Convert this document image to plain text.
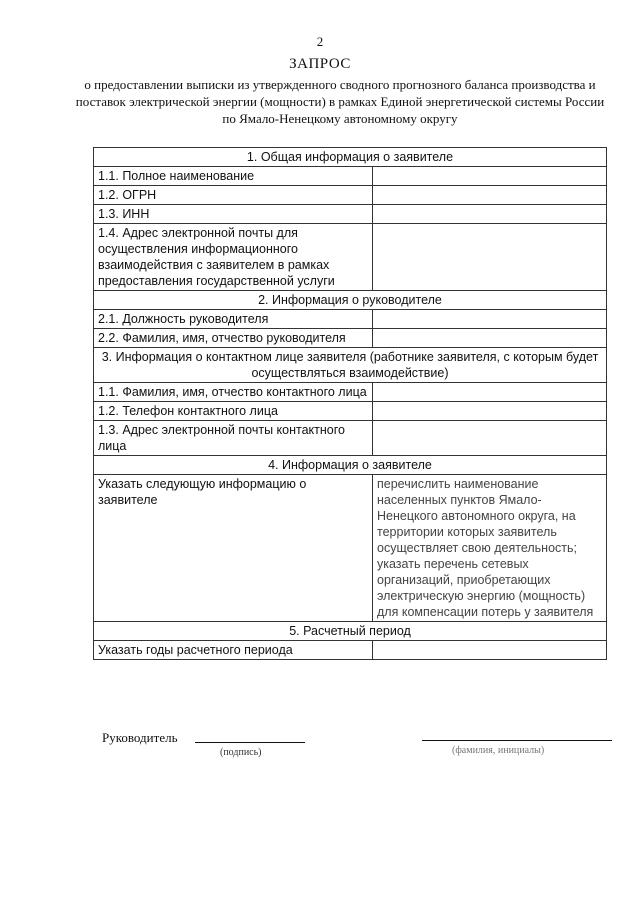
2
ЗАПРОС
о предоставлении выписки из утвержденного сводного прогнозного баланса производства и поставок электрической энергии (мощности) в рамках Единой энергетической системы России по Ямало-Ненецкому автономному округу
1. Общая информация о заявителе	
1.1. Полное наименование	
1.2. ОГРН	
1.3. ИНН	
1.4. Адрес электронной почты для осуществления информационного взаимодействия с заявителем в рамках предоставления государственной услуги	
2. Информация о руководителе	
2.1. Должность руководителя	
2.2. Фамилия, имя, отчество руководителя	
3. Информация о контактном лице заявителя (работнике заявителя, с которым будет осуществляться взаимодействие)	
1.1. Фамилия, имя, отчество контактного лица	
1.2. Телефон контактного лица	
1.3. Адрес электронной почты контактного лица	
4. Информация о заявителе	
Указать следующую информацию о заявителе	перечислить наименование населенных пунктов Ямало-Ненецкого автономного округа, на территории которых заявитель осуществляет свою деятельность; указать перечень сетевых организаций, приобретающих электрическую энергию (мощность) для компенсации потерь у заявителя
5. Расчетный период	
Указать годы расчетного периода	
Руководитель
(подпись)	(фамилия, инициалы)
